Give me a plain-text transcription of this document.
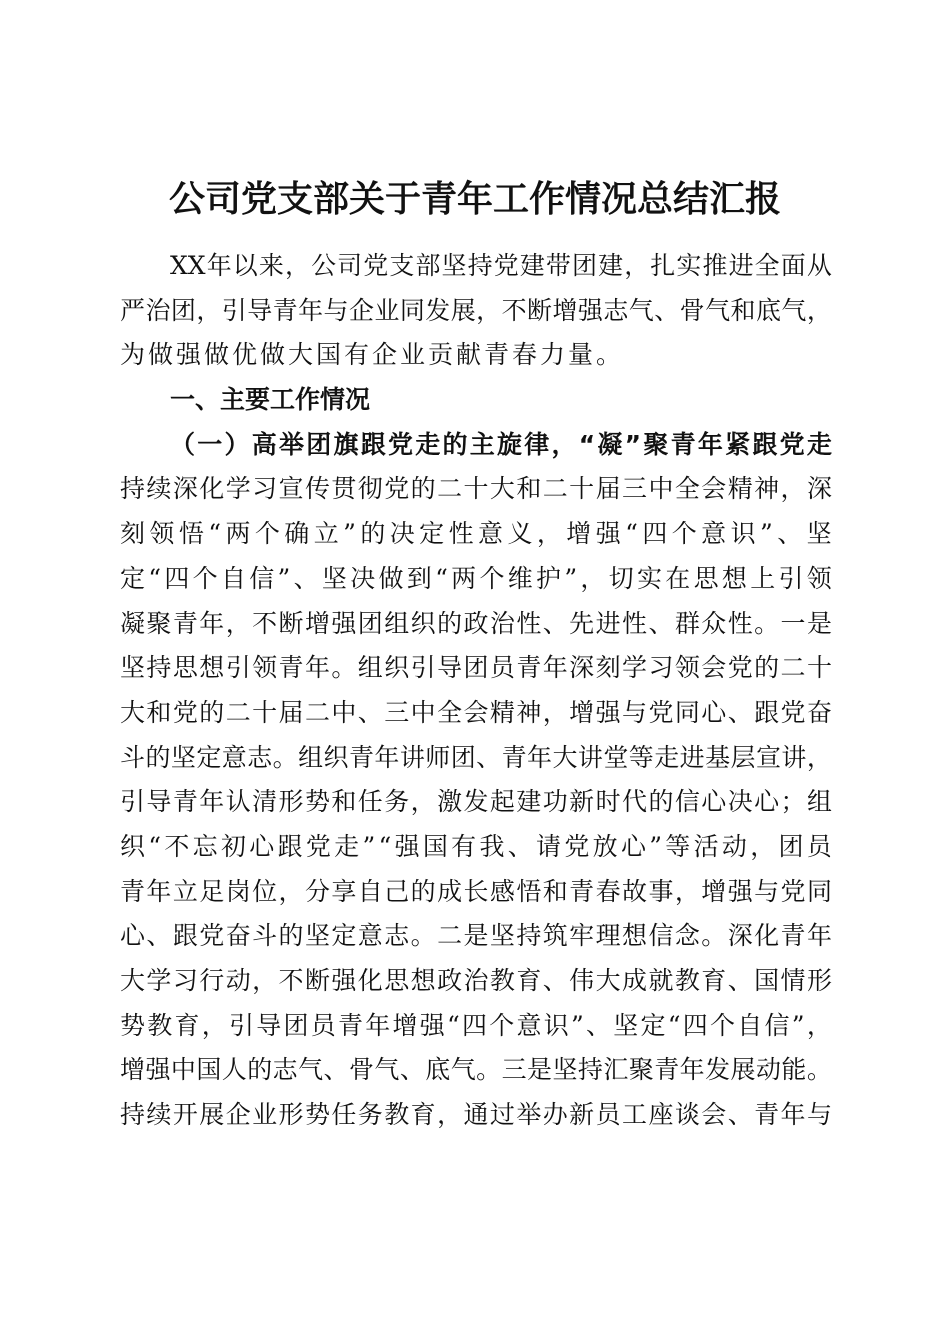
公司党支部关于青年工作情况总结汇报
XX 年 以 来 ， 公 司 党 支 部 坚 持 党 建 带 团 建 ， 扎 实 推 进 全 面 从
严 治 团 ， 引 导 青 年 与 企 业 同 发 展 ， 不 断 增 强 志 气 、 骨 气 和 底 气 ，
为做强做优做大国有企业贡献青春力量。
一、主要工作情况
（ 一 ） 高 举 团 旗 跟 党 走 的 主 旋 律 ， “ 凝 ” 聚 青 年 紧 跟 党 走
持 续 深 化 学 习 宣 传 贯 彻 党 的 二 十 大 和 二 十 届 三 中 全 会 精 神 ， 深
刻 领 悟 “ 两 个 确 立 ” 的 决 定 性 意 义 ， 增 强 “ 四 个 意 识 ” 、 坚
定 “ 四 个 自 信 ” 、 坚 决 做 到 “ 两 个 维 护 ” ， 切 实 在 思 想 上 引 领
凝 聚 青 年 ， 不 断 增 强 团 组 织 的 政 治 性 、 先 进 性 、 群 众 性 。 一 是
坚 持 思 想 引 领 青 年 。 组 织 引 导 团 员 青 年 深 刻 学 习 领 会 党 的 二 十
大 和 党 的 二 十 届 二 中 、 三 中 全 会 精 神 ， 增 强 与 党 同 心 、 跟 党 奋
斗 的 坚 定 意 志 。 组 织 青 年 讲 师 团 、 青 年 大 讲 堂 等 走 进 基 层 宣 讲 ，
引 导 青 年 认 清 形 势 和 任 务 ， 激 发 起 建 功 新 时 代 的 信 心 决 心 ； 组
织 “ 不 忘 初 心 跟 党 走 ” “ 强 国 有 我 、 请 党 放 心 ” 等 活 动 ， 团 员
青 年 立 足 岗 位 ， 分 享 自 己 的 成 长 感 悟 和 青 春 故 事 ， 增 强 与 党 同
心 、 跟 党 奋 斗 的 坚 定 意 志 。 二 是 坚 持 筑 牢 理 想 信 念 。 深 化 青 年
大 学 习 行 动 ， 不 断 强 化 思 想 政 治 教 育 、 伟 大 成 就 教 育 、 国 情 形
势 教 育 ， 引 导 团 员 青 年 增 强 “ 四 个 意 识 ” 、 坚 定 “ 四 个 自 信 ” ，
增 强 中 国 人 的 志 气 、 骨 气 、 底 气 。 三 是 坚 持 汇 聚 青 年 发 展 动 能 。
持 续 开 展 企 业 形 势 任 务 教 育 ， 通 过 举 办 新 员 工 座 谈 会 、 青 年 与
